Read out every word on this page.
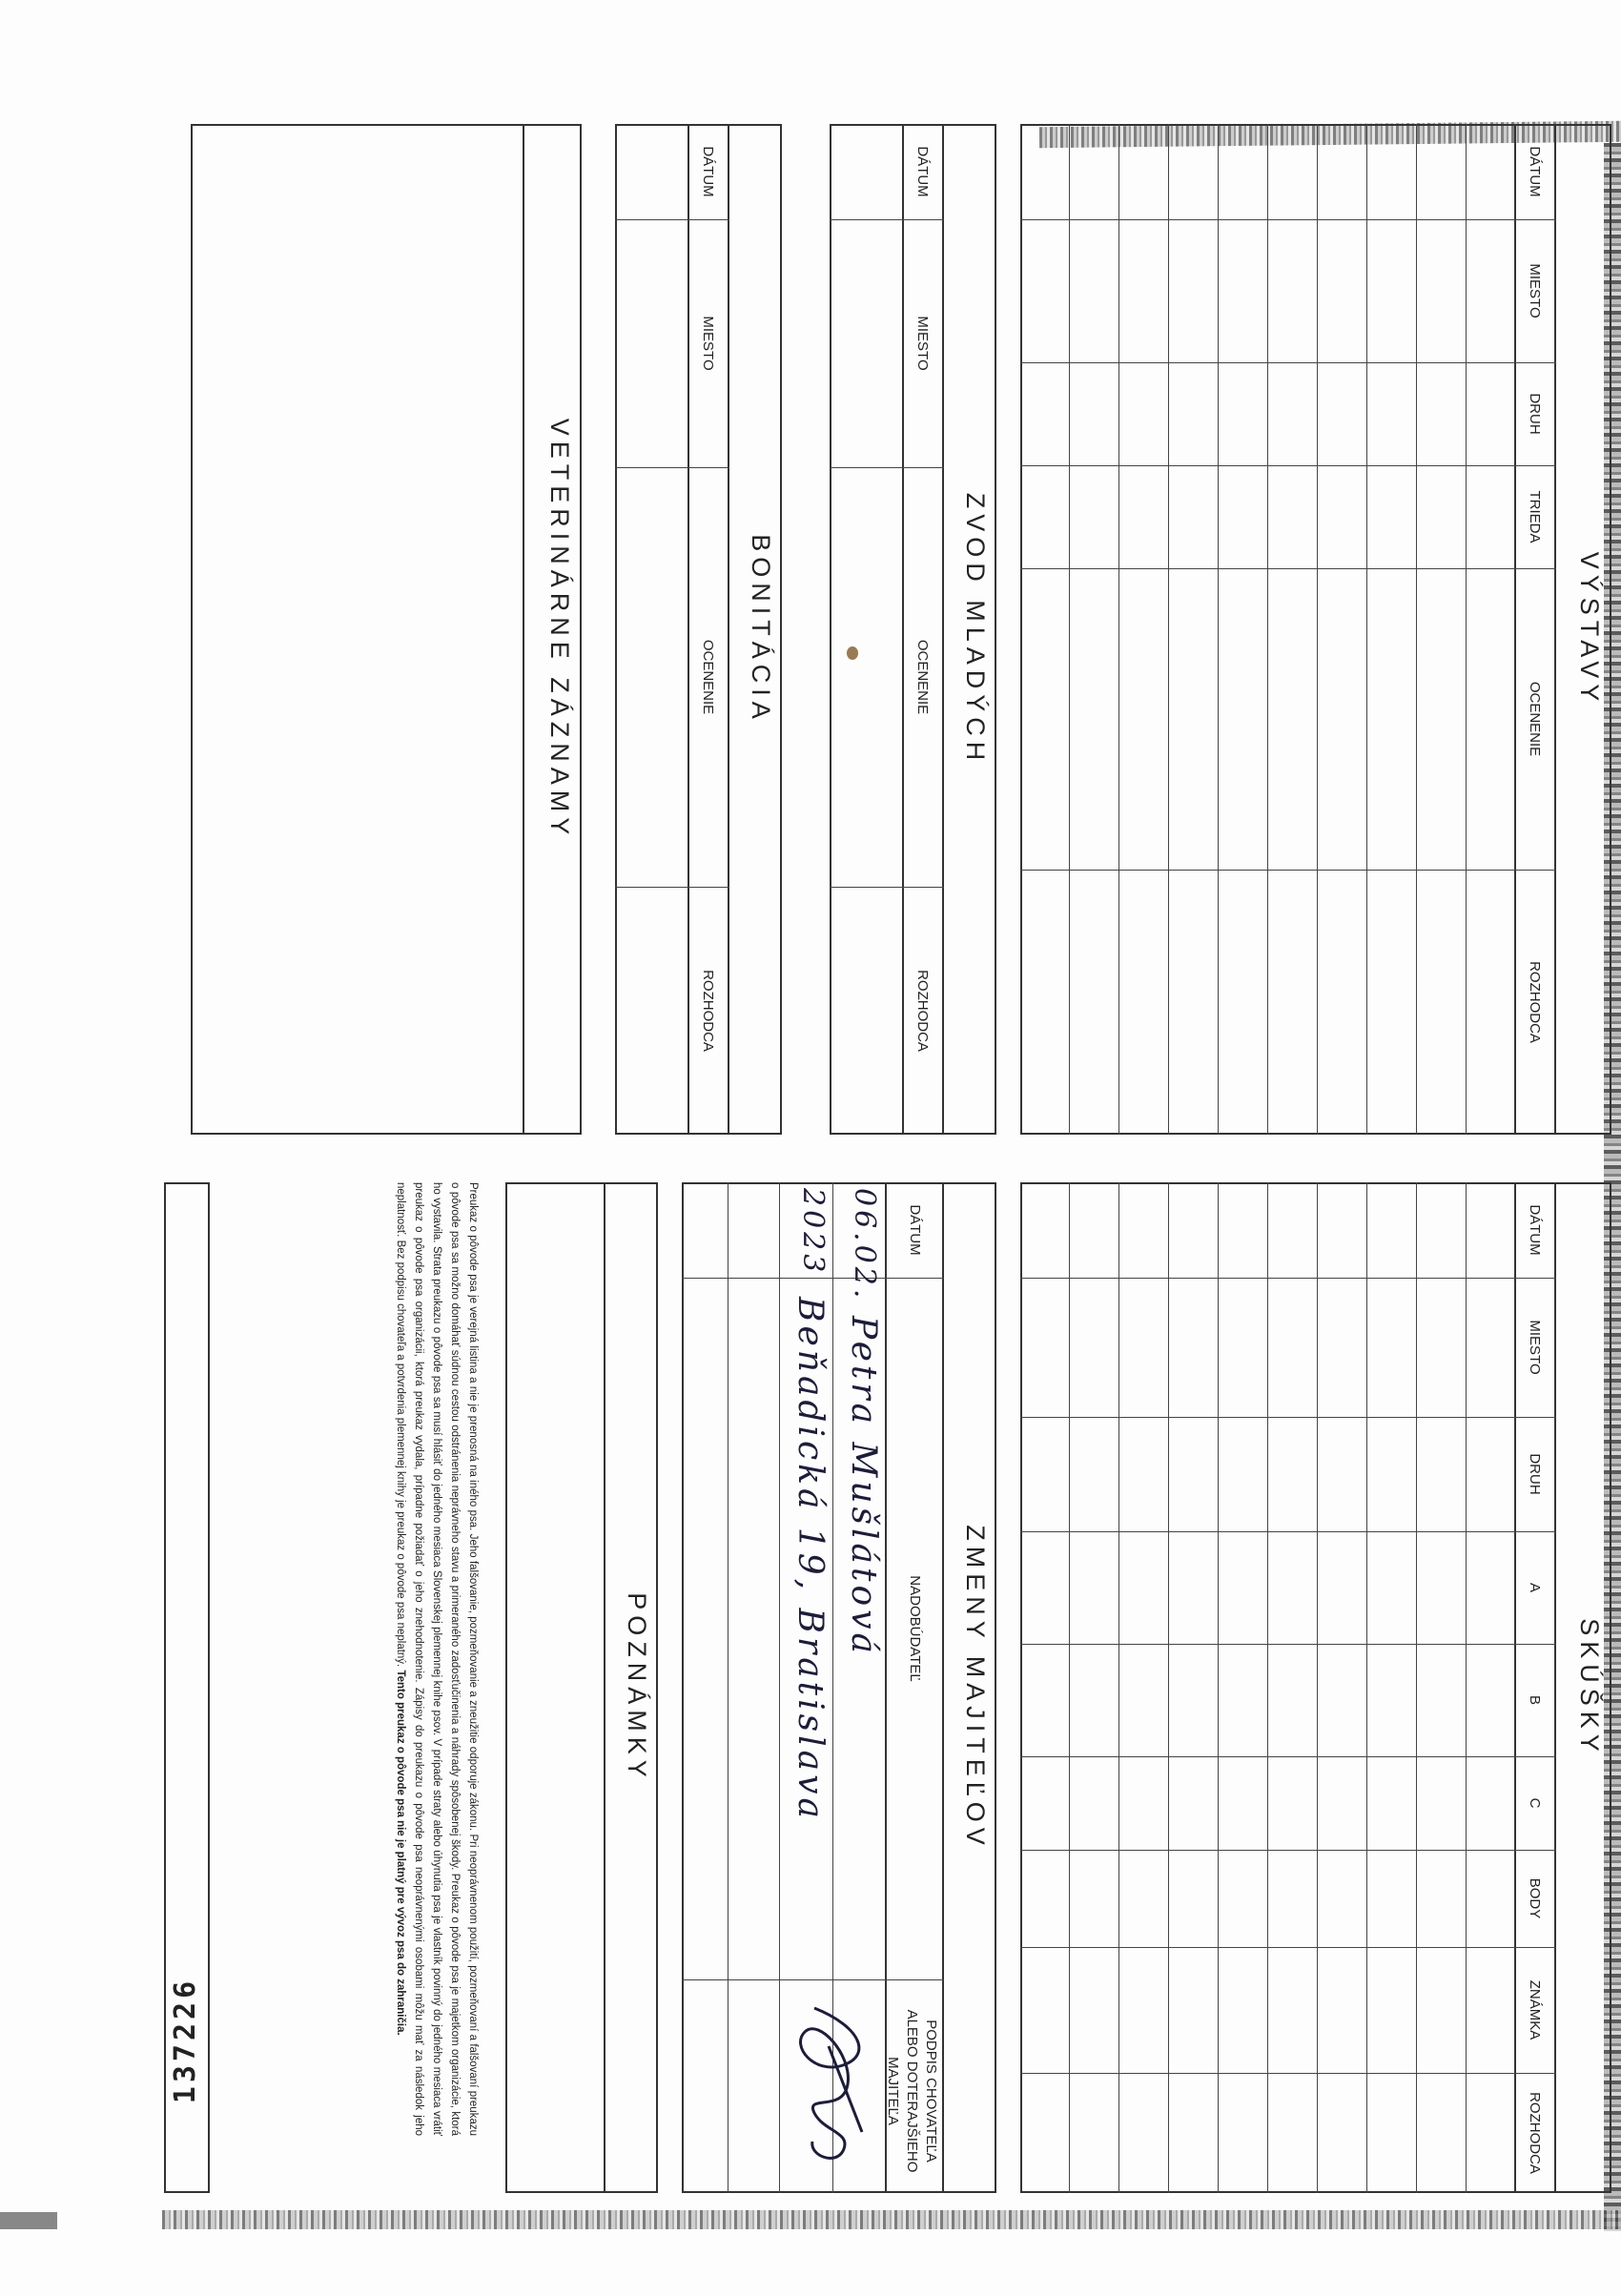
VÝSTAVY
DÁTUM
MIESTO
DRUH
TRIEDA
OCENENIE
ROZHODCA
SKÚŠKY
DÁTUM
MIESTO
DRUH
A
B
C
BODY
ZNÁMKA
ROZHODCA
ZVOD MLADÝCH
DÁTUM
MIESTO
OCENENIE
ROZHODCA
ZMENY MAJITEĽOV
DÁTUM
NADOBÚDATEĽ
PODPIS CHOVATEĽA ALEBO DOTERAJŠIEHO MAJITEĽA
06.02.
2023
Petra Mušlátová
Beňadická 19, Bratislava
BONITÁCIA
DÁTUM
MIESTO
OCENENIE
ROZHODCA
POZNÁMKY
VETERINÁRNE ZÁZNAMY
Preukaz o pôvode psa je verejná listina a nie je prenosná na iného psa. Jeho falšovanie, pozmeňovanie a zneužitie odporuje zákonu. Pri neoprávnenom použití, pozmeňovaní a falšovaní preukazu o pôvode psa sa možno domáhať súdnou cestou odstránenia neprávneho stavu a primeraného zadosťučinenia a náhrady spôsobenej škody. Preukaz o pôvode psa je majetkom organizácie, ktorá ho vystavila. Strata preukazu o pôvode psa sa musí hlásiť do jedného mesiaca Slovenskej plemennej knihe psov. V prípade straty alebo úhynutia psa je vlastník povinný do jedného mesiaca vrátiť preukaz o pôvode psa organizácii, ktorá preukaz vydala, prípadne požiadať o jeho znehodnotenie. Zápisy do preukazu o pôvode psa neoprávnenými osobami môžu mať za následok jeho neplatnosť. Bez podpisu chovateľa a potvrdenia plemennej knihy je preukaz o pôvode psa neplatný. Tento preukaz o pôvode psa nie je platný pre vývoz psa do zahraničia.
137226
